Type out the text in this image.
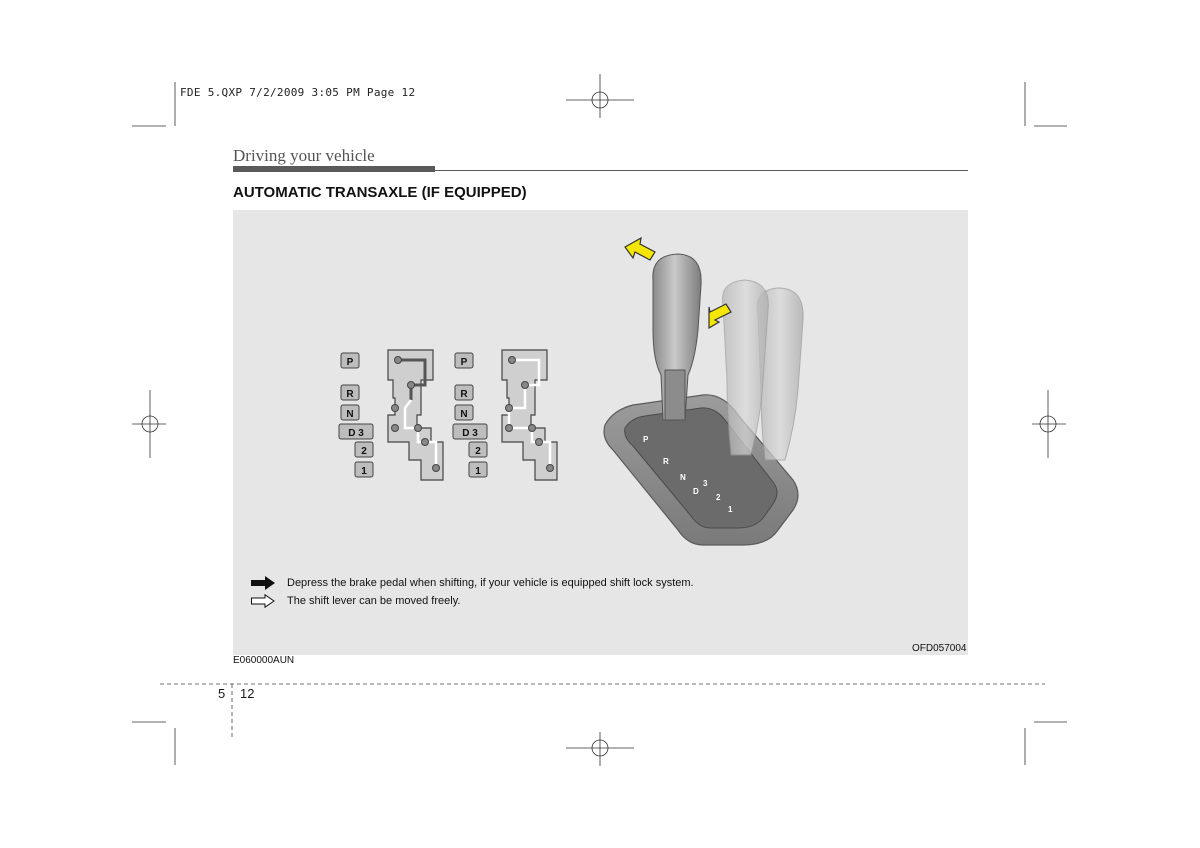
FDE 5.QXP 7/2/2009 3:05 PM Page 12
Driving your vehicle
AUTOMATIC TRANSAXLE (IF EQUIPPED)
P
R
N
D
3
2
1
P
R
N
D 3
2
1
P
R
N
D 3
2
1
Depress the brake pedal when shifting, if your vehicle is equipped shift lock system.
The shift lever can be moved freely.
OFD057004
E060000AUN
5 12
